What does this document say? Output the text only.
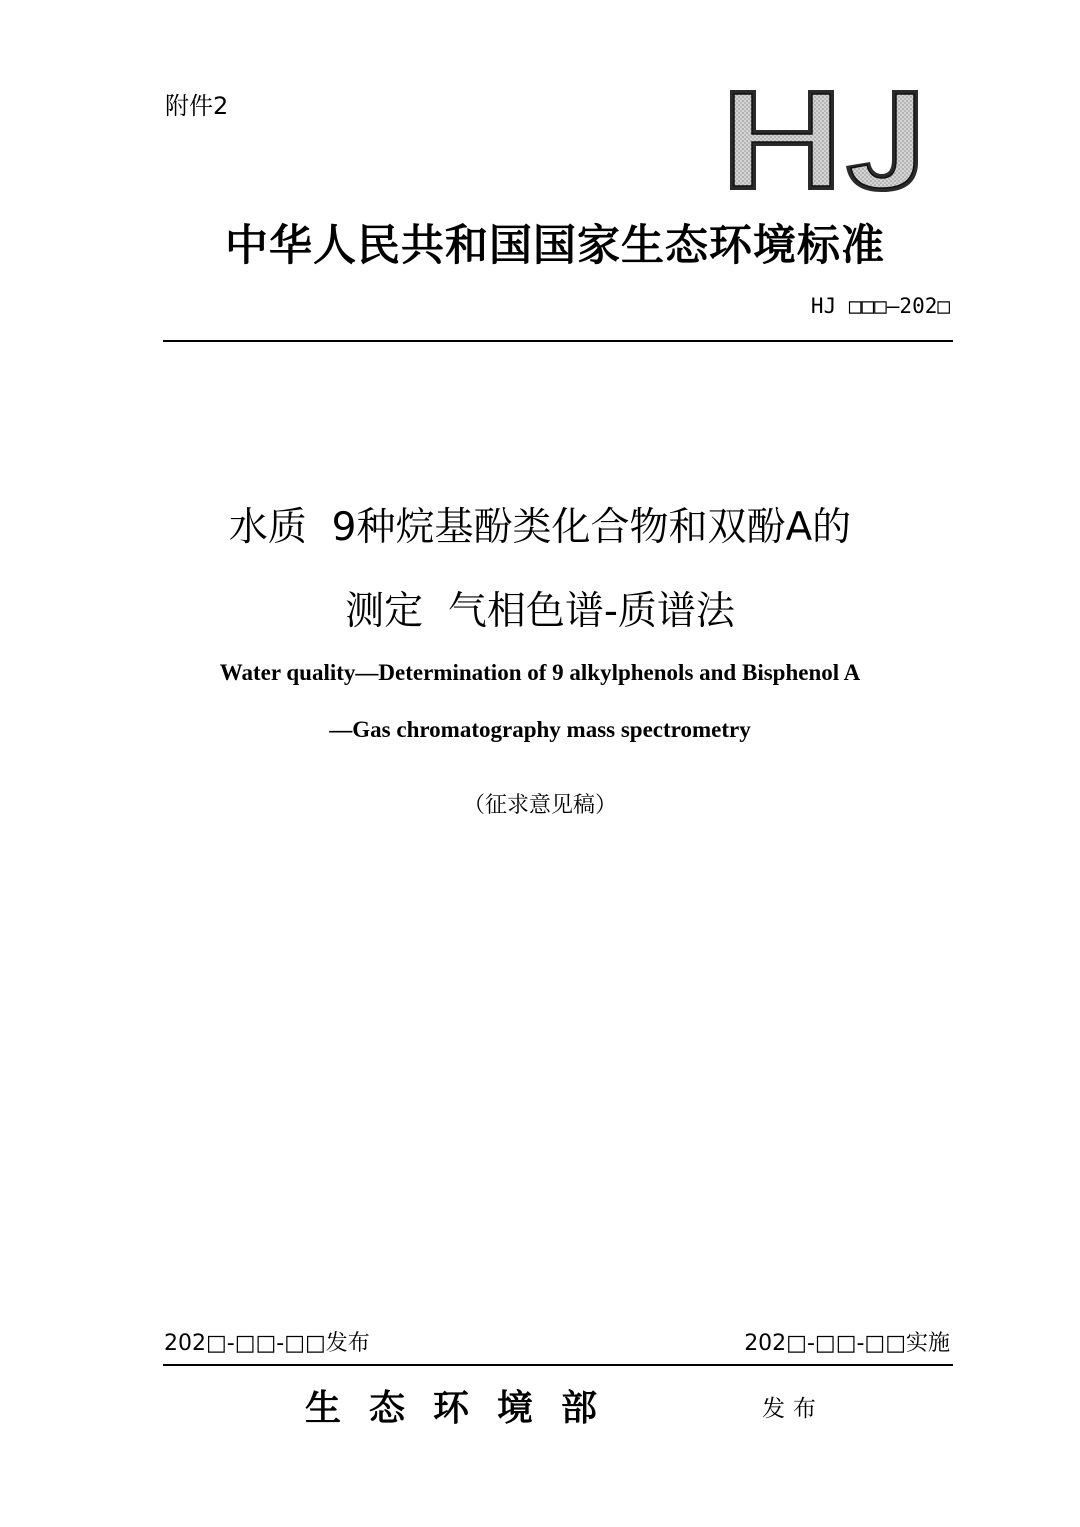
附件2
中华人民共和国国家生态环境标准
HJ □□□—202□
水质  9种烷基酚类化合物和双酚A的
测定  气相色谱-质谱法
Water quality—Determination of 9 alkylphenols and Bisphenol A
—Gas chromatography mass spectrometry
（征求意见稿）
202□-□□-□□发布	202□-□□-□□实施
生态环境部	发布
